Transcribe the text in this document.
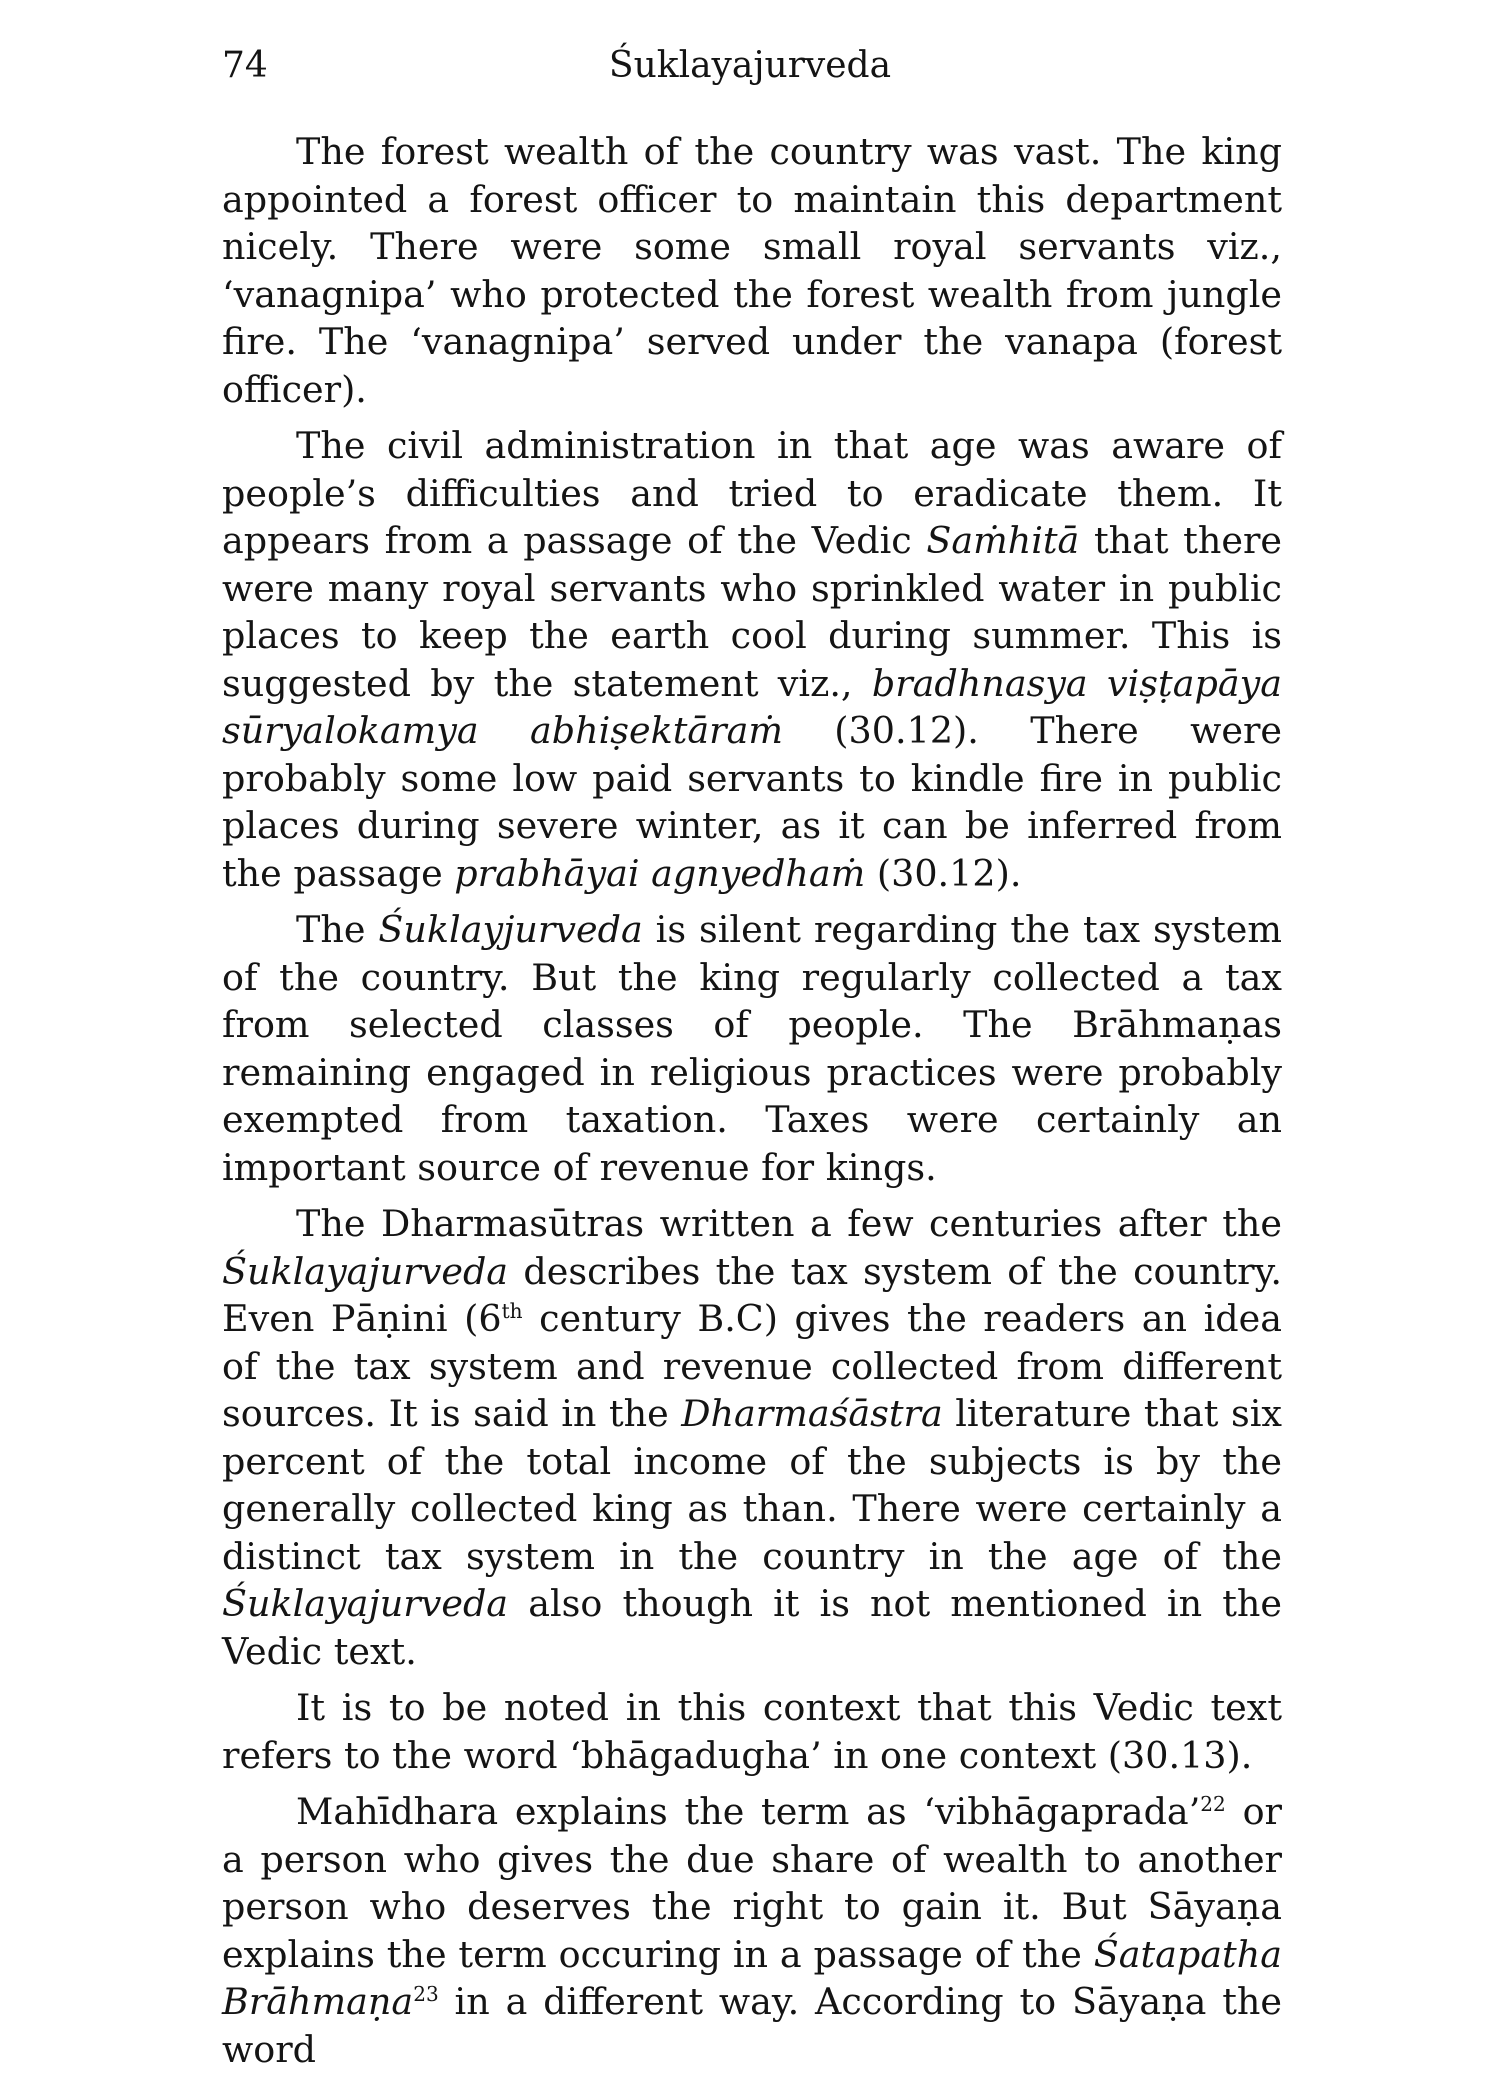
74	Śuklayajurveda

The forest wealth of the country was vast. The king appointed a forest officer to maintain this department nicely. There were some small royal servants viz., ‘vanagnipa’ who protected the forest wealth from jungle fire. The ‘vanagnipa’ served under the vanapa (forest officer).

The civil administration in that age was aware of people’s difficulties and tried to eradicate them. It appears from a passage of the Vedic Saṁhitā that there were many royal servants who sprinkled water in public places to keep the earth cool during summer. This is suggested by the statement viz., bradhnasya viṣṭapāya sūryalokamya abhiṣektāraṁ (30.12). There were probably some low paid servants to kindle fire in public places during severe winter, as it can be inferred from the passage prabhāyai agnyedhaṁ (30.12).

The Śuklayjurveda is silent regarding the tax system of the country. But the king regularly collected a tax from selected classes of people. The Brāhmaṇas remaining engaged in religious practices were probably exempted from taxation. Taxes were certainly an important source of revenue for kings.

The Dharmasūtras written a few centuries after the Śuklayajurveda describes the tax system of the country. Even Pāṇini (6th century B.C) gives the readers an idea of the tax system and revenue collected from different sources. It is said in the Dharmaśāstra literature that six percent of the total income of the subjects is by the generally collected king as than. There were certainly a distinct tax system in the country in the age of the Śuklayajurveda also though it is not mentioned in the Vedic text.

It is to be noted in this context that this Vedic text refers to the word ‘bhāgadugha’ in one context (30.13).

Mahīdhara explains the term as ‘vibhāgaprada’$^{22}$ or a person who gives the due share of wealth to another person who deserves the right to gain it. But Sāyaṇa explains the term occuring in a passage of the Śatapatha Brāhmaṇa$^{23}$ in a different way. According to Sāyaṇa the word
